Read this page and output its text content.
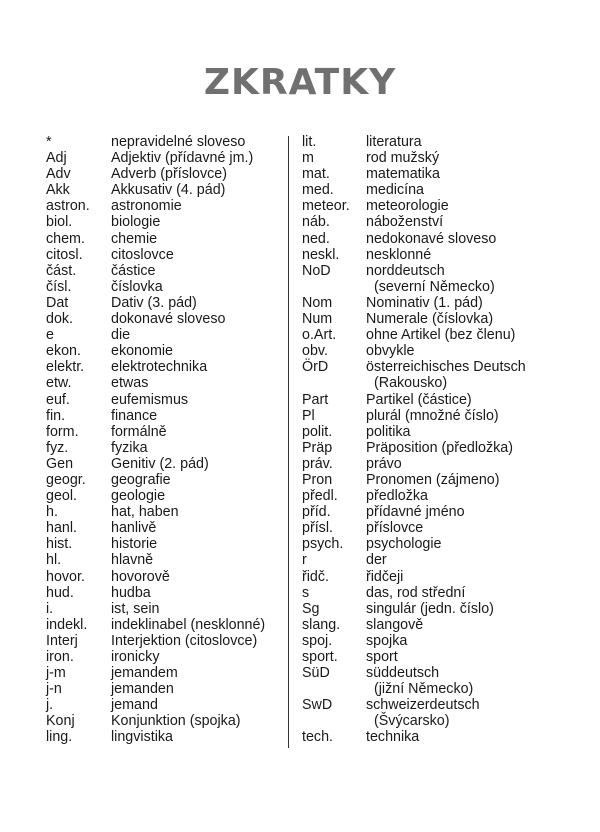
ZKRATKY
*	nepravidelné sloveso
Adj	Adjektiv (přídavné jm.)
Adv	Adverb (příslovce)
Akk	Akkusativ (4. pád)
astron. astronomie
biol.	biologie
chem. chemie
citosl. citoslovce
část. částice
čísl.	číslovka
Dat	Dativ (3. pád)
dok.	dokonavé sloveso
e	die
ekon. ekonomie
elektr. elektrotechnika
etw.	etwas
euf.	eufemismus
fin.	finance
form. formálně
fyz.	fyzika
Gen	Genitiv (2. pád)
geogr. geografie
geol. geologie
h.	hat, haben
hanl. hanlivě
hist.	historie
hl.	hlavně
hovor. hovorově
hud.	hudba
i.	ist, sein
indekl. indeklinabel (nesklonné)
Interj Interjektion (citoslovce)
iron.	ironicky
j-m	jemandem
j-n	jemanden
j.	jemand
Konj	Konjunktion (spojka)
ling.	lingvistika
lit.	literatura
m	rod mužský
mat.	matematika
med. medicína
meteor. meteorologie
náb.	náboženství
ned.	nedokonavé sloveso
neskl. nesklonné
NoD norddeutsch
(severní Německo)
Nom Nominativ (1. pád)
Num Numerale (číslovka)
o.Art. ohne Artikel (bez členu)
obv.	obvykle
ÖrD	österreichisches Deutsch
(Rakousko)
Part	Partikel (částice)
Pl	plurál (množné číslo)
polit. politika
Präp Präposition (předložka)
práv. právo
Pron Pronomen (zájmeno)
předl. předložka
příd. přídavné jméno
přísl. příslovce
psych. psychologie
r	der
řidč.	řidčeji
s	das, rod střední
Sg	singulár (jedn. číslo)
slang. slangově
spoj. spojka
sport. sport
SüD	süddeutsch
(jižní Německo)
SwD schweizerdeutsch
(Švýcarsko)
tech. technika
